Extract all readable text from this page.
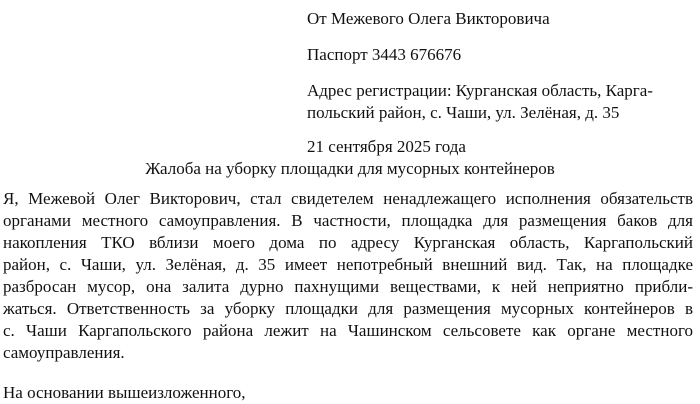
От Межевого Олега Викторовича
Паспорт 3443 676676
Адрес регистрации: Курганская область, Карга-
польский район, с. Чаши, ул. Зелёная, д. 35
21 сентября 2025 года
Жалоба на уборку площадки для мусорных контейнеров
Я, Межевой Олег Викторович, стал свидетелем ненадлежащего исполнения обязательств
органами местного самоуправления. В частности, площадка для размещения баков для
накопления ТКО вблизи моего дома по адресу Курганская область, Каргапольский
район, с. Чаши, ул. Зелёная, д. 35 имеет непотребный внешний вид. Так, на площадке
разбросан мусор, она залита дурно пахнущими веществами, к ней неприятно прибли-
жаться. Ответственность за уборку площадки для размещения мусорных контейнеров в
с. Чаши Каргапольского района лежит на Чашинском сельсовете как органе местного
самоуправления.
На основании вышеизложенного,
